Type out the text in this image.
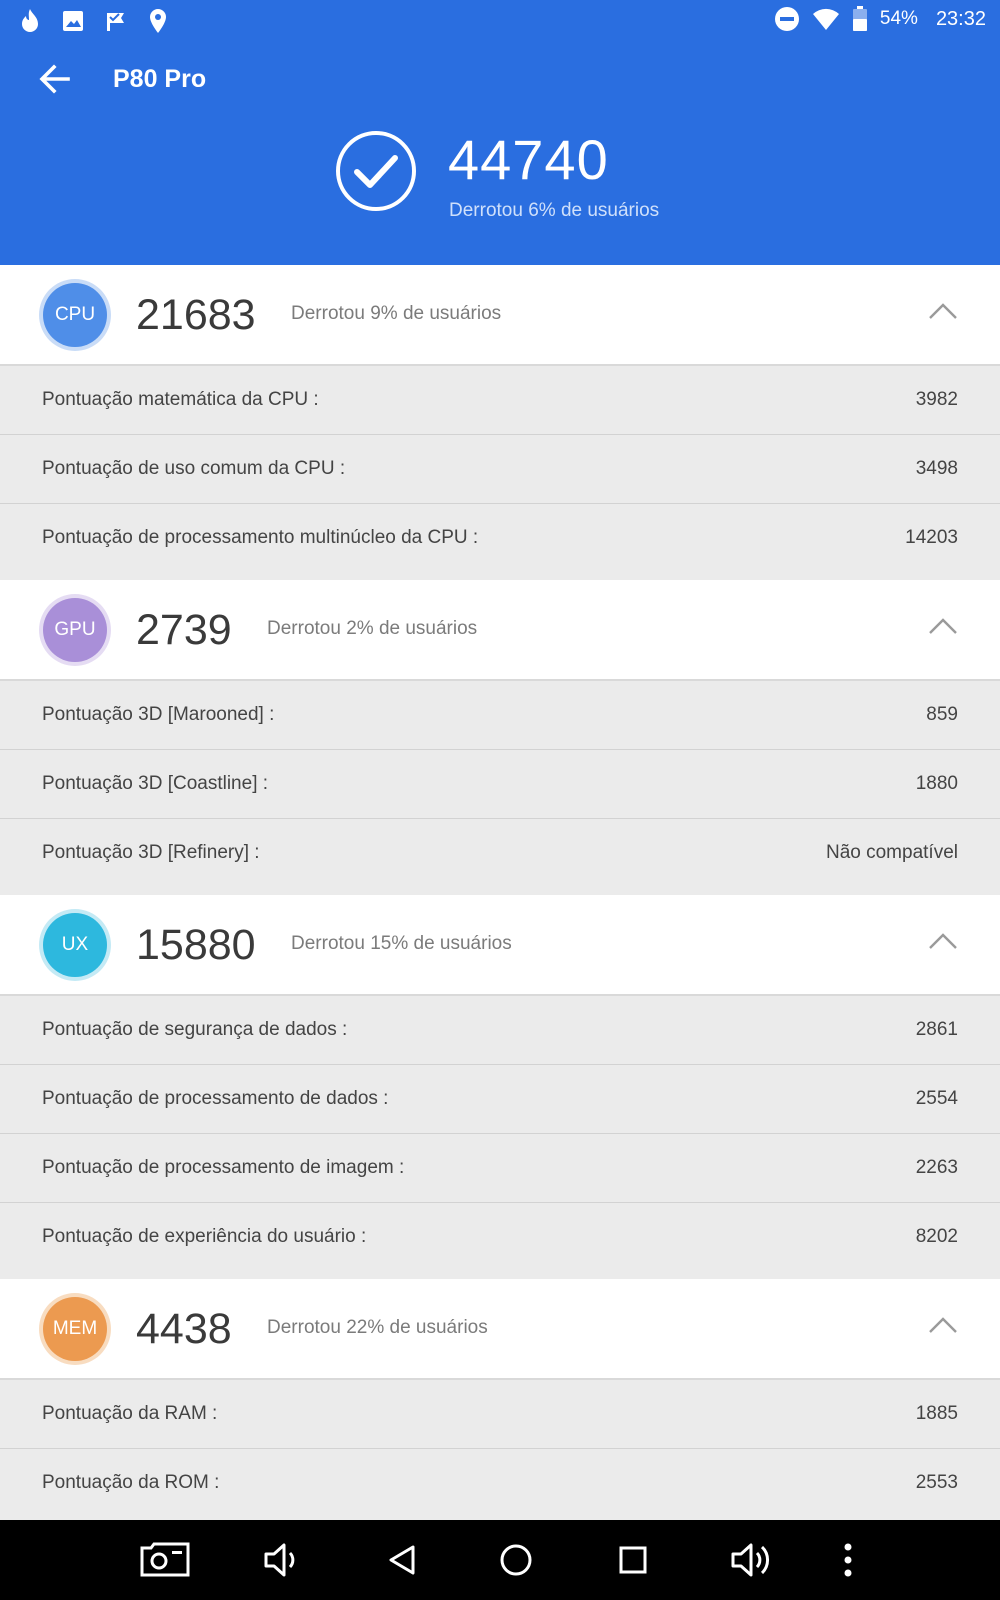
54% 23:32
P80 Pro
44740
Derrotou 6% de usuários
CPU 21683 Derrotou 9% de usuários
Pontuação matemática da CPU :	3982
Pontuação de uso comum da CPU :	3498
Pontuação de processamento multinúcleo da CPU :	14203
GPU 2739 Derrotou 2% de usuários
Pontuação 3D [Marooned] :	859
Pontuação 3D [Coastline] :	1880
Pontuação 3D [Refinery] :	Não compatível
UX	15880 Derrotou 15% de usuários
Pontuação de segurança de dados :	2861
Pontuação de processamento de dados :	2554
Pontuação de processamento de imagem :	2263
Pontuação de experiência do usuário :	8202
MEM 4438 Derrotou 22% de usuários
Pontuação da RAM :	1885
Pontuação da ROM :	2553
